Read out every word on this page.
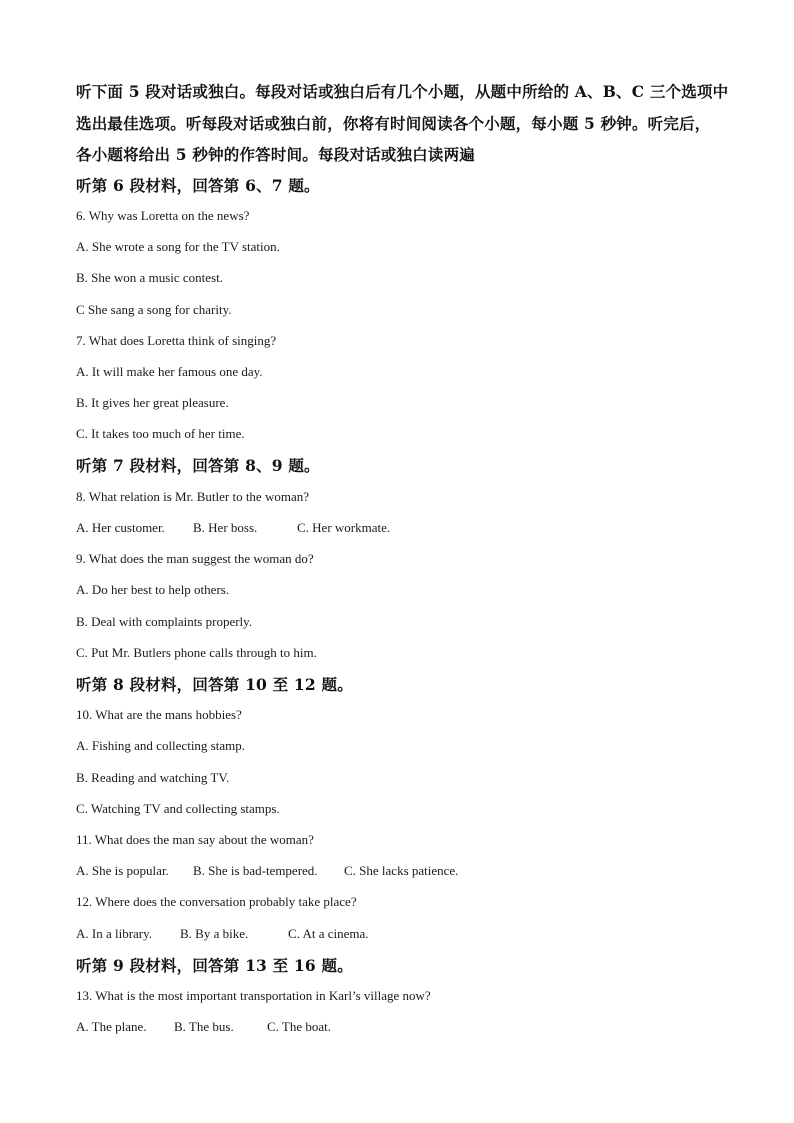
听下面 5 段对话或独白。每段对话或独白后有几个小题，从题中所给的 A、B、C 三个选项中
选出最佳选项。听每段对话或独白前，你将有时间阅读各个小题，每小题 5 秒钟。听完后，
各小题将给出 5 秒钟的作答时间。每段对话或独白读两遍
听第 6 段材料，回答第 6、7 题。
6. Why was Loretta on the news?
A. She wrote a song for the TV station.
B. She won a music contest.
C She sang a song for charity.
7. What does Loretta think of singing?
A. It will make her famous one day.
B. It gives her great pleasure.
C. It takes too much of her time.
听第 7 段材料，回答第 8、9 题。
8. What relation is Mr. Butler to the woman?
A. Her customer. B. Her boss.	C. Her workmate.
9. What does the man suggest the woman do?
A. Do her best to help others.
B. Deal with complaints properly.
C. Put Mr. Butlers phone calls through to him.
听第 8 段材料，回答第 10 至 12 题。
10. What are the mans hobbies?
A. Fishing and collecting stamp.
B. Reading and watching TV.
C. Watching TV and collecting stamps.
11. What does the man say about the woman?
A. She is popular. B. She is bad-tempered. C. She lacks patience.
12. Where does the conversation probably take place?
A. In a library. B. By a bike.	C. At a cinema.
听第 9 段材料，回答第 13 至 16 题。
13. What is the most important transportation in Karl’s village now?
A. The plane. B. The bus.	C. The boat.
